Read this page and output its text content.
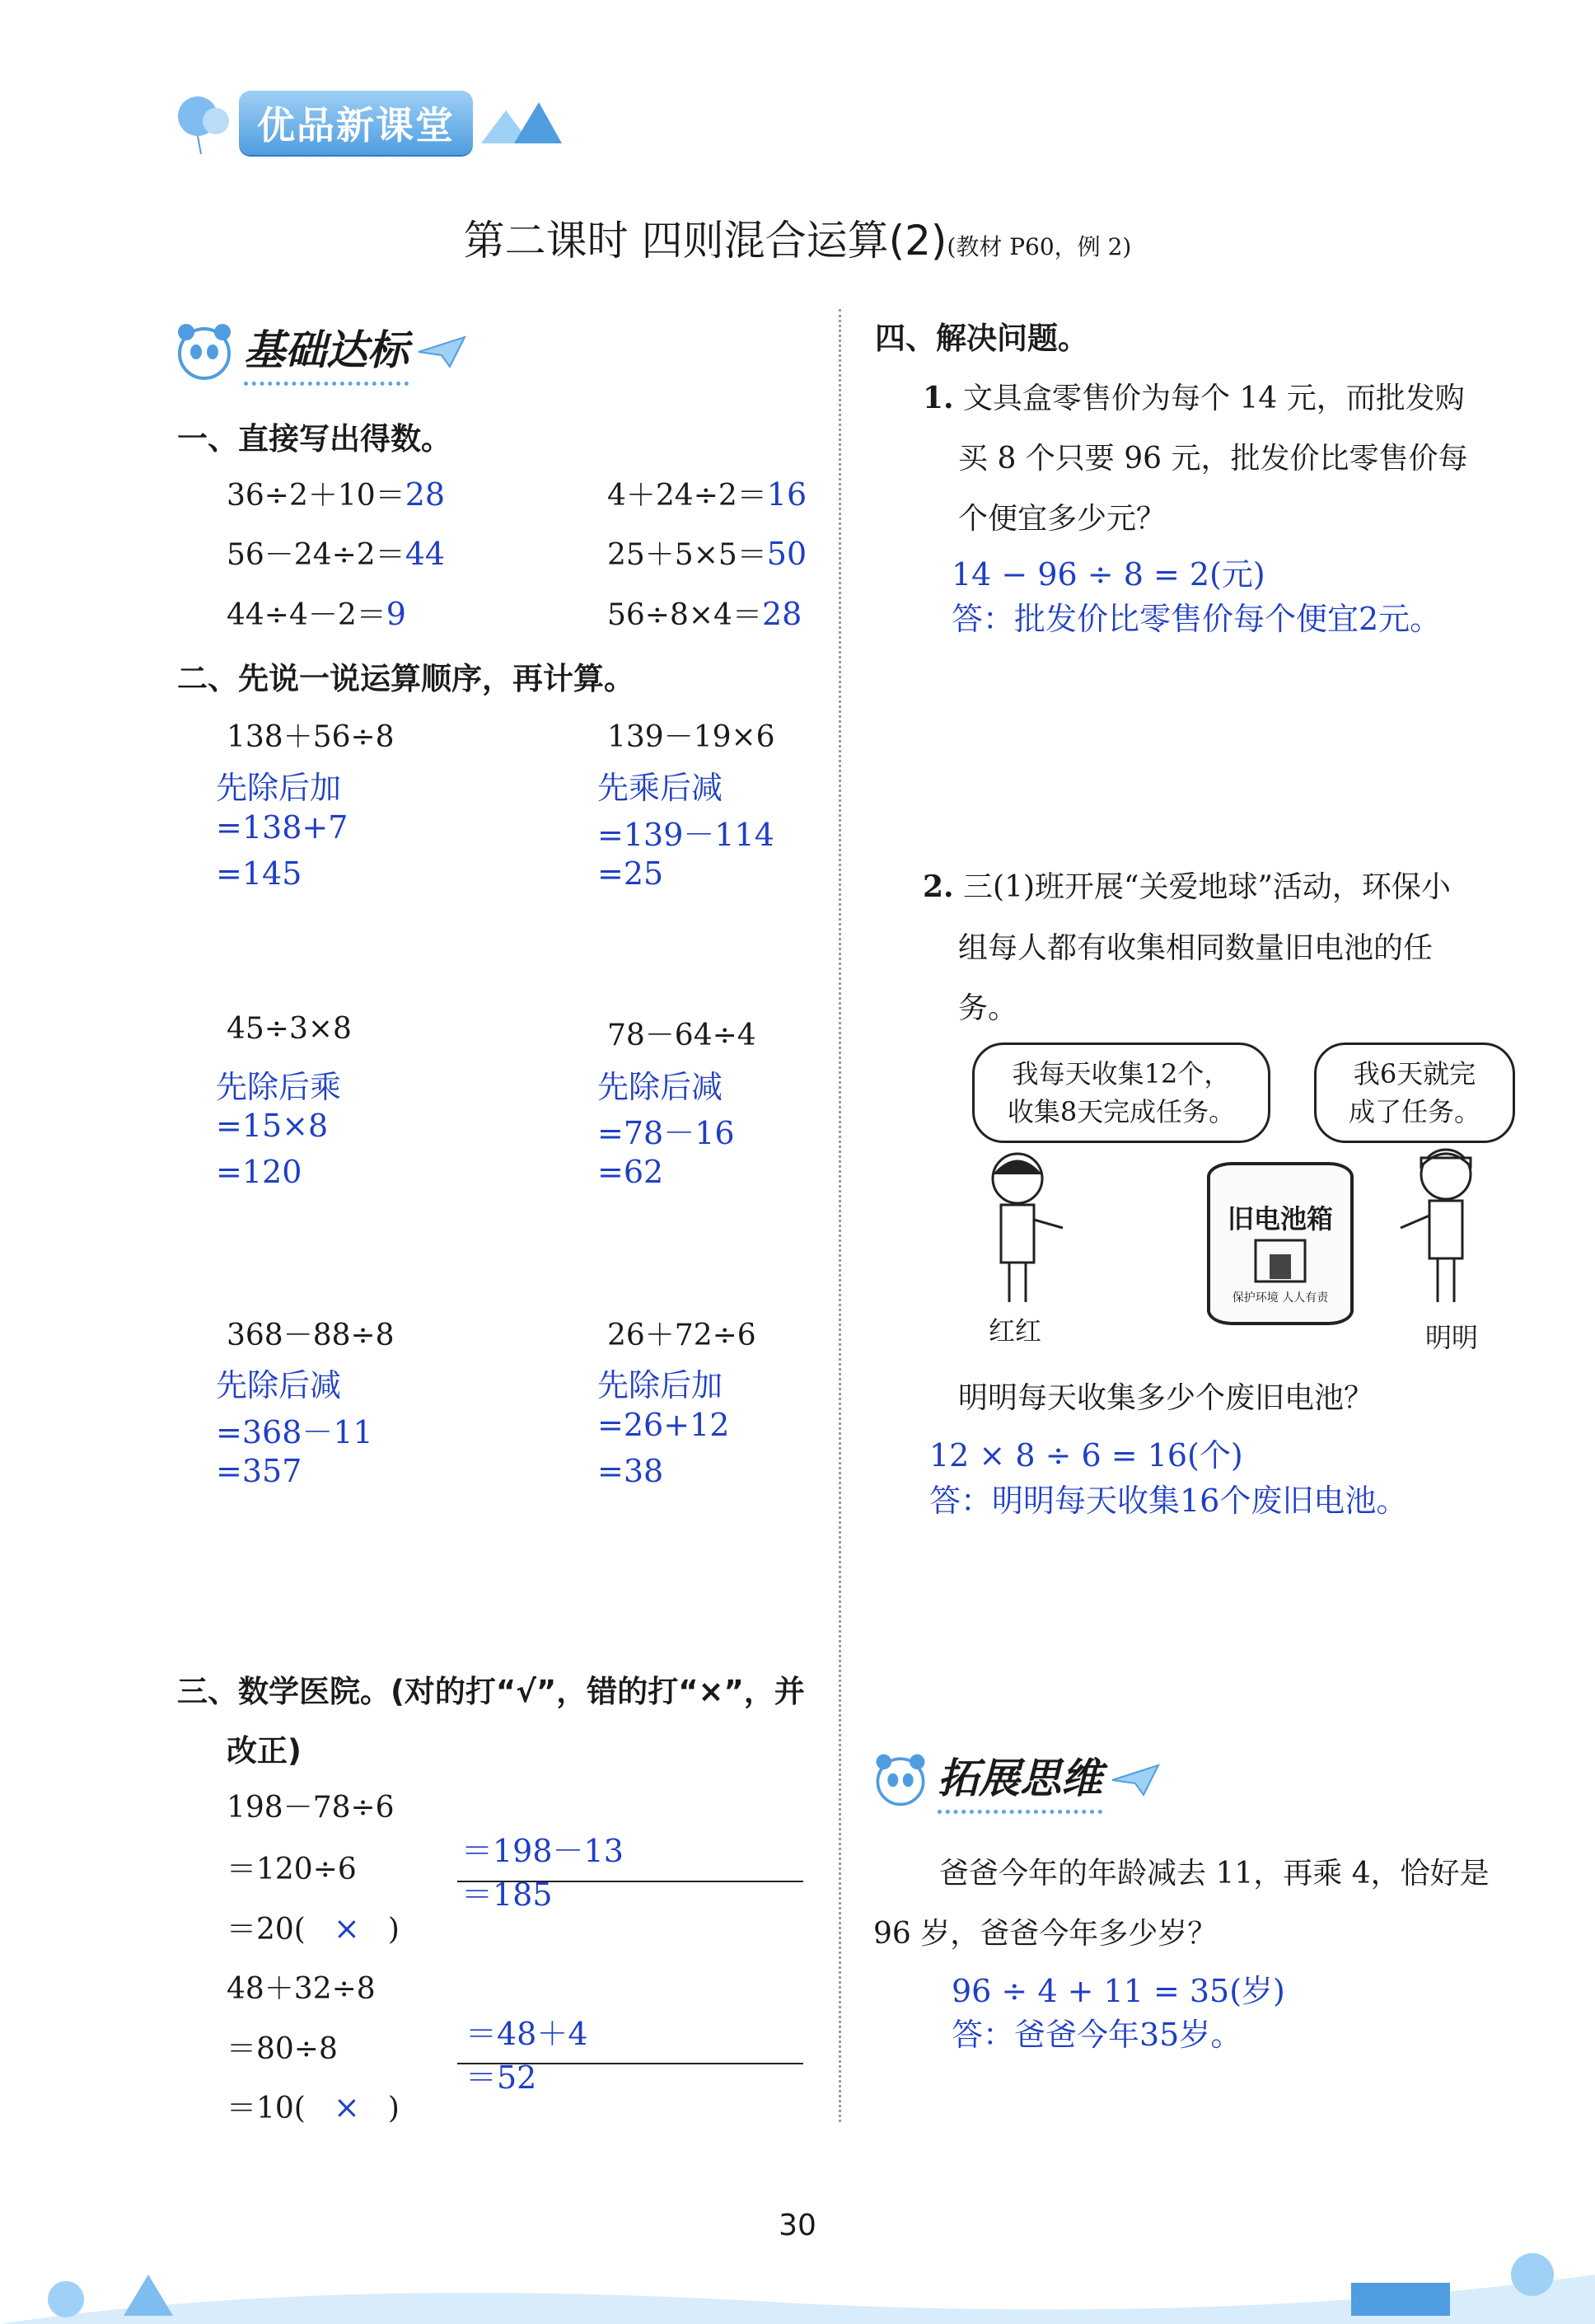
优品新课堂
第二课时 四则混合运算(2)(教材 P60，例 2)
基础达标
一、直接写出得数。
36÷2＋10＝28	4＋24÷2＝16
56－24÷2＝44	25＋5×5＝50
44÷4－2＝9	56÷8×4＝28
二、先说一说运算顺序，再计算。
138＋56÷8
先除后加
=138+7
=145
139－19×6
先乘后减
=139－114
=25
45÷3×8
先除后乘
=15×8
=120
78－64÷4
先除后减
=78－16
=62
368－88÷8
先除后减
=368－11
=357
26＋72÷6
先除后加
=26+12
=38
三、数学医院。(对的打“√”，错的打“×”，并
改正)
198－78÷6
＝120÷6
＝20( × )
＝198－13
＝185
48＋32÷8
＝80÷8
＝10( × )
＝48＋4
＝52
四、解决问题。
1. 文具盒零售价为每个 14 元，而批发购
买 8 个只要 96 元，批发价比零售价每
个便宜多少元？
14 − 96 ÷ 8 = 2(元)
答：批发价比零售价每个便宜2元。
2. 三(1)班开展“关爱地球”活动，环保小
组每人都有收集相同数量旧电池的任
务。
我每天收集12个，
收集8天完成任务。
我6天就完
成了任务。
红红
旧电池箱
保护环境 人人有责
明明
明明每天收集多少个废旧电池？
12 × 8 ÷ 6 = 16(个)
答：明明每天收集16个废旧电池。
拓展思维
爸爸今年的年龄减去 11，再乘 4，恰好是
96 岁，爸爸今年多少岁？
96 ÷ 4 + 11 = 35(岁)
答：爸爸今年35岁。
30
